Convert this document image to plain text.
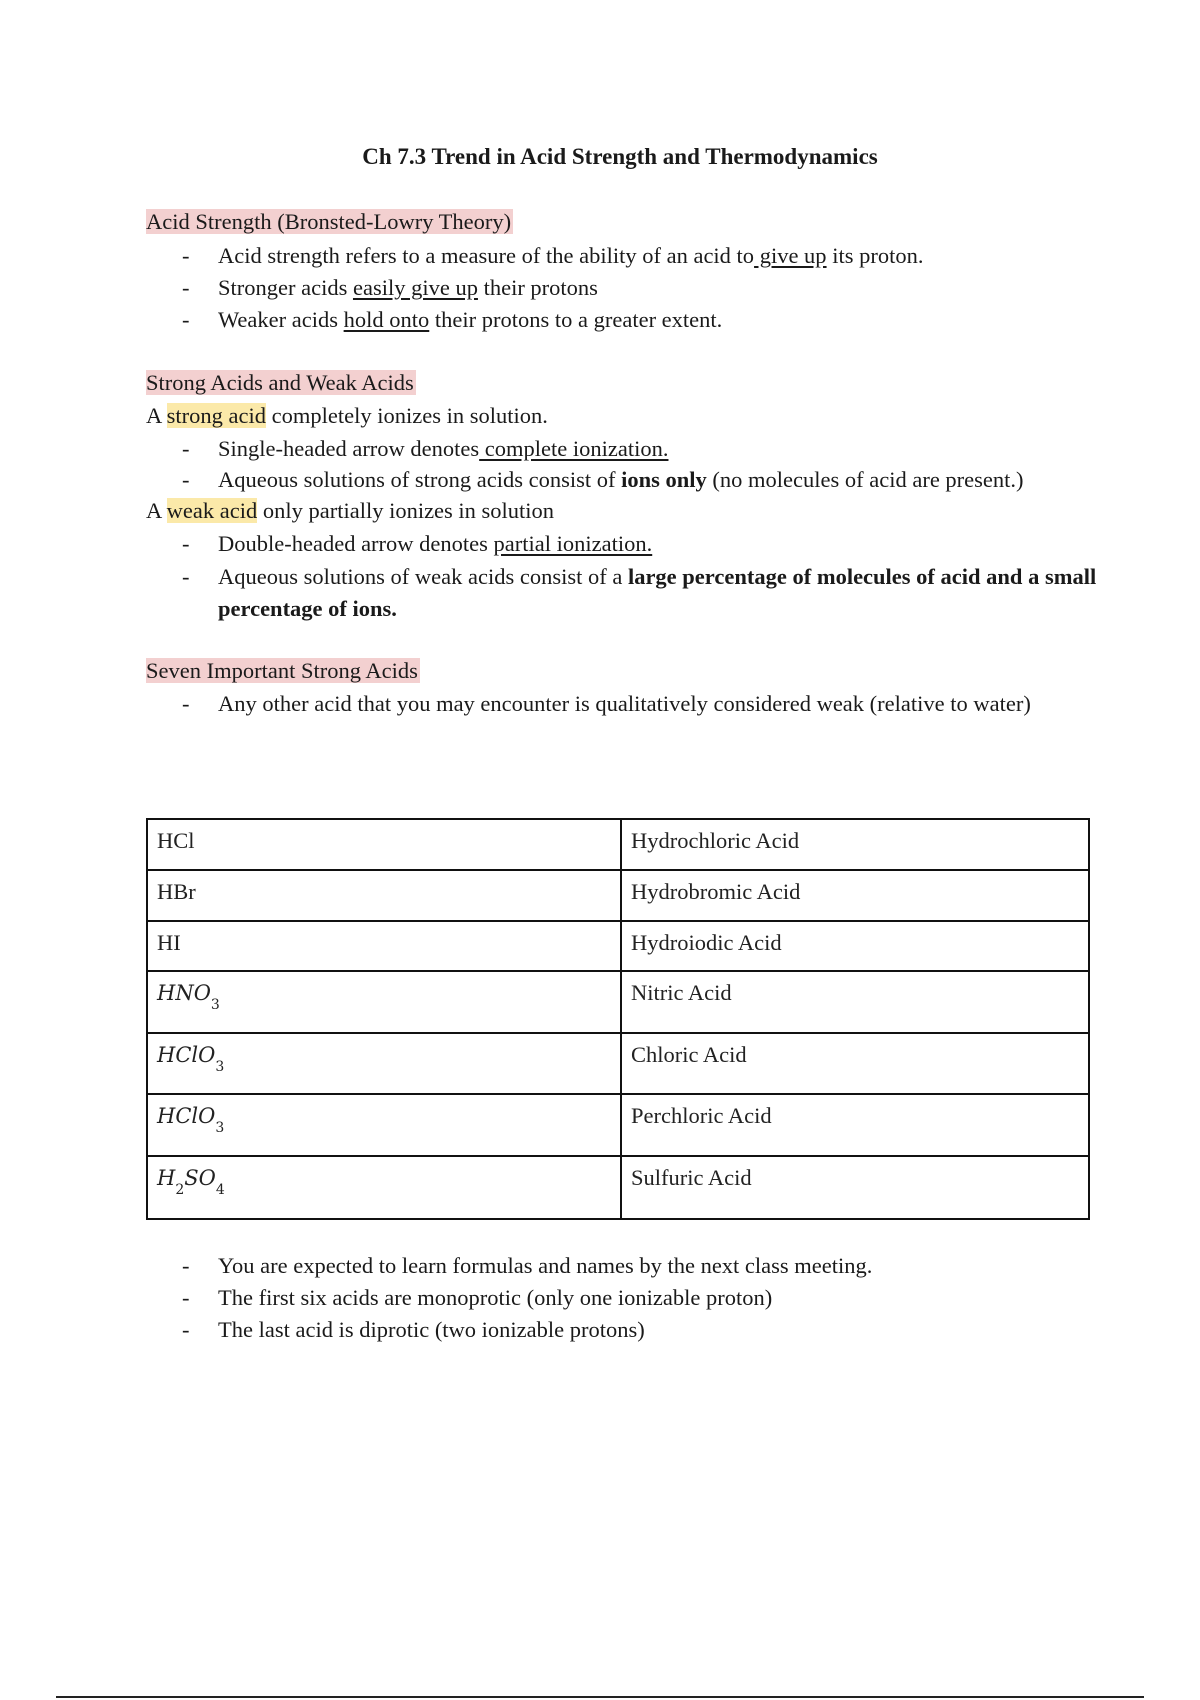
Ch 7.3 Trend in Acid Strength and Thermodynamics
Acid Strength (Bronsted-Lowry Theory)
- Acid strength refers to a measure of the ability of an acid to give up its proton.
- Stronger acids easily give up their protons
- Weaker acids hold onto their protons to a greater extent.
Strong Acids and Weak Acids
A strong acid completely ionizes in solution.
- Single-headed arrow denotes complete ionization.
- Aqueous solutions of strong acids consist of ions only (no molecules of acid are present.)
A weak acid only partially ionizes in solution
- Double-headed arrow denotes partial ionization.
- Aqueous solutions of weak acids consist of a large percentage of molecules of acid and a small percentage of ions.
Seven Important Strong Acids
- Any other acid that you may encounter is qualitatively considered weak (relative to water)
HCl	Hydrochloric Acid
HBr	Hydrobromic Acid
HI	Hydroiodic Acid
$HNO_3$	Nitric Acid
HClO$_3$	Chloric Acid
HClO$_3$	Perchloric Acid
$H_2SO_4$	Sulfuric Acid
- You are expected to learn formulas and names by the next class meeting.
- The first six acids are monoprotic (only one ionizable proton)
- The last acid is diprotic (two ionizable protons)
